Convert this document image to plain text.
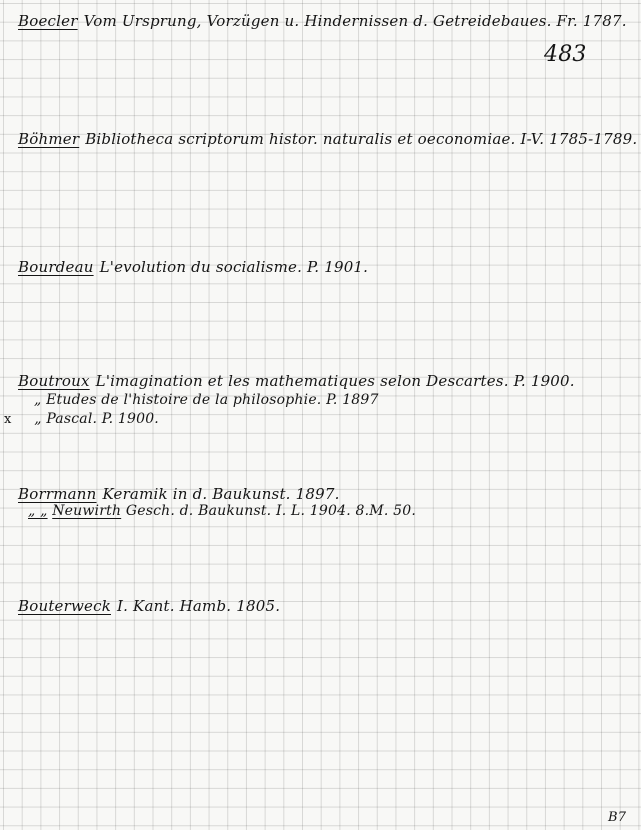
Boecler Vom Ursprung, Vorzügen u. Hindernissen d. Getreidebaues. Fr. 1787.
483
Böhmer Bibliotheca scriptorum histor. naturalis et oeconomiae. I-V. 1785-1789.
Bourdeau L'evolution du socialisme. P. 1901.
Boutroux L'imagination et les mathematiques selon Descartes. P. 1900.
„ Etudes de l'histoire de la philosophie. P. 1897
x „ Pascal. P. 1900.
Borrmann Keramik in d. Baukunst. 1897.
„ „ Neuwirth Gesch. d. Baukunst. I. L. 1904. 8.M. 50.
Bouterweck I. Kant. Hamb. 1805.
B7
